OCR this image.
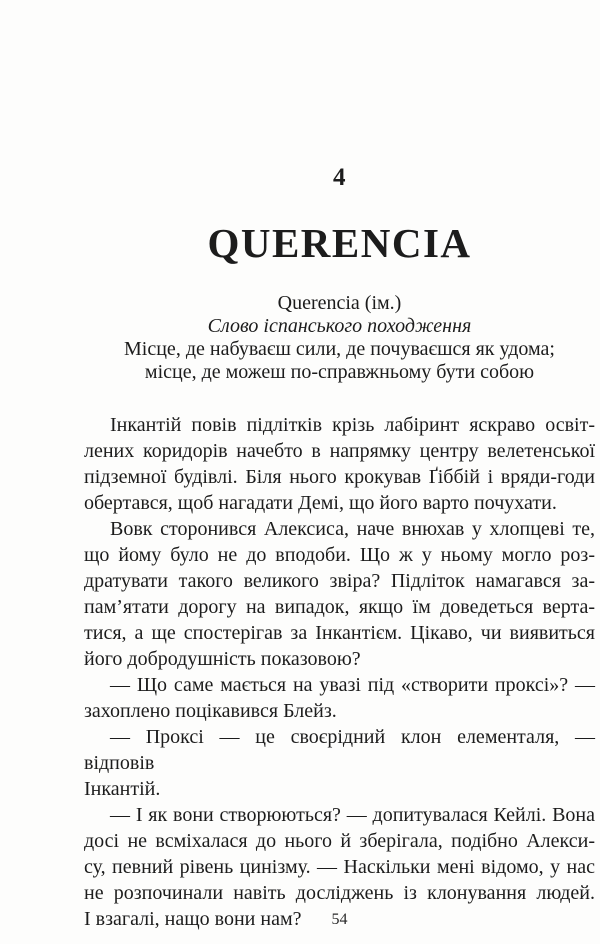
4
QUERENCIA
Querencia (ім.)
Слово іспанського походження
Місце, де набуваєш сили, де почуваєшся як удома;
місце, де можеш по-справжньому бути собою
Інкантій повів підлітків крізь лабіринт яскраво освіт-
лених коридорів начебто в напрямку центру велетенської
підземної будівлі. Біля нього крокував Ґіббій і вряди-годи
обертався, щоб нагадати Демі, що його варто почухати.
Вовк сторонився Алексиса, наче внюхав у хлопцеві те,
що йому було не до вподоби. Що ж у ньому могло роз-
дратувати такого великого звіра? Підліток намагався за-
пам’ятати дорогу на випадок, якщо їм доведеться верта-
тися, а ще спостерігав за Інкантієм. Цікаво, чи виявиться
його добродушність показовою?
— Що саме мається на увазі під «створити проксі»? —
захоплено поцікавився Блейз.
— Проксі — це своєрідний клон елементаля, — відповів
Інкантій.
— І як вони створюються? — допитувалася Кейлі. Вона
досі не всміхалася до нього й зберігала, подібно Алекси-
су, певний рівень цинізму. — Наскільки мені відомо, у нас
не розпочинали навіть досліджень із клонування людей.
І взагалі, нащо вони нам?	54
